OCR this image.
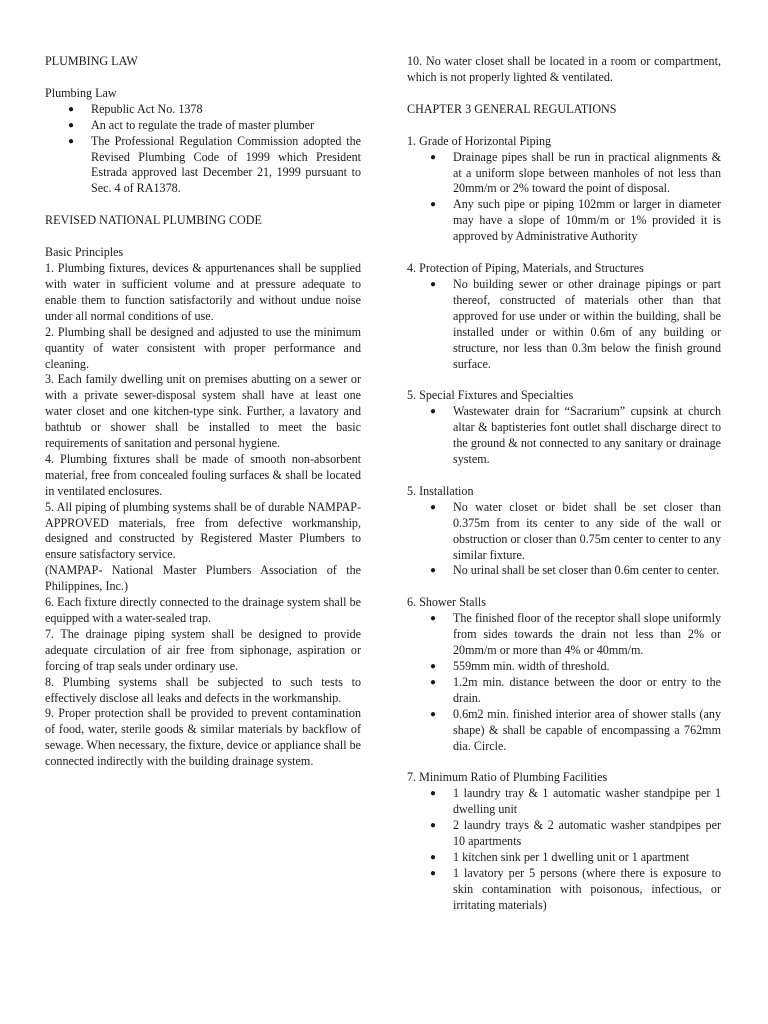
PLUMBING LAW

Plumbing Law

● Republic Act No. 1378
● An act to regulate the trade of master plumber
● The Professional Regulation Commission adopted the Revised Plumbing Code of 1999 which President Estrada approved last December 21, 1999 pursuant to Sec. 4 of RA1378.

REVISED NATIONAL PLUMBING CODE

Basic Principles

1. Plumbing fixtures, devices & appurtenances shall be supplied with water in sufficient volume and at pressure adequate to enable them to function satisfactorily and without undue noise under all normal conditions of use.

2. Plumbing shall be designed and adjusted to use the minimum quantity of water consistent with proper performance and cleaning.

3. Each family dwelling unit on premises abutting on a sewer or with a private sewer-disposal system shall have at least one water closet and one kitchen-type sink. Further, a lavatory and bathtub or shower shall be installed to meet the basic requirements of sanitation and personal hygiene.

4. Plumbing fixtures shall be made of smooth non-absorbent material, free from concealed fouling surfaces & shall be located in ventilated enclosures.

5. All piping of plumbing systems shall be of durable NAMPAP-APPROVED materials, free from defective workmanship, designed and constructed by Registered Master Plumbers to ensure satisfactory service.

(NAMPAP- National Master Plumbers Association of the Philippines, Inc.)

6. Each fixture directly connected to the drainage system shall be equipped with a water-sealed trap.

7. The drainage piping system shall be designed to provide adequate circulation of air free from siphonage, aspiration or forcing of trap seals under ordinary use.

8. Plumbing systems shall be subjected to such tests to effectively disclose all leaks and defects in the workmanship.

9. Proper protection shall be provided to prevent contamination of food, water, sterile goods & similar materials by backflow of sewage. When necessary, the fixture, device or appliance shall be connected indirectly with the building drainage system.

10. No water closet shall be located in a room or compartment, which is not properly lighted & ventilated.

CHAPTER 3 GENERAL REGULATIONS

1. Grade of Horizontal Piping

● Drainage pipes shall be run in practical alignments & at a uniform slope between manholes of not less than 20mm/m or 2% toward the point of disposal.
● Any such pipe or piping 102mm or larger in diameter may have a slope of 10mm/m or 1% provided it is approved by Administrative Authority

4. Protection of Piping, Materials, and Structures

● No building sewer or other drainage pipings or part thereof, constructed of materials other than that approved for use under or within the building, shall be installed under or within 0.6m of any building or structure, nor less than 0.3m below the finish ground surface.

5. Special Fixtures and Specialties

● Wastewater drain for “Sacrarium” cupsink at church altar & baptisteries font outlet shall discharge direct to the ground & not connected to any sanitary or drainage system.

5. Installation

● No water closet or bidet shall be set closer than 0.375m from its center to any side of the wall or obstruction or closer than 0.75m center to center to any similar fixture.
● No urinal shall be set closer than 0.6m center to center.

6. Shower Stalls

● The finished floor of the receptor shall slope uniformly from sides towards the drain not less than 2% or 20mm/m or more than 4% or 40mm/m.
● 559mm min. width of threshold.
● 1.2m min. distance between the door or entry to the drain.
● 0.6m2 min. finished interior area of shower stalls (any shape) & shall be capable of encompassing a 762mm dia. Circle.

7. Minimum Ratio of Plumbing Facilities

● 1 laundry tray & 1 automatic washer standpipe per 1 dwelling unit
● 2 laundry trays & 2 automatic washer standpipes per 10 apartments
● 1 kitchen sink per 1 dwelling unit or 1 apartment
● 1 lavatory per 5 persons (where there is exposure to skin contamination with poisonous, infectious, or irritating materials)
